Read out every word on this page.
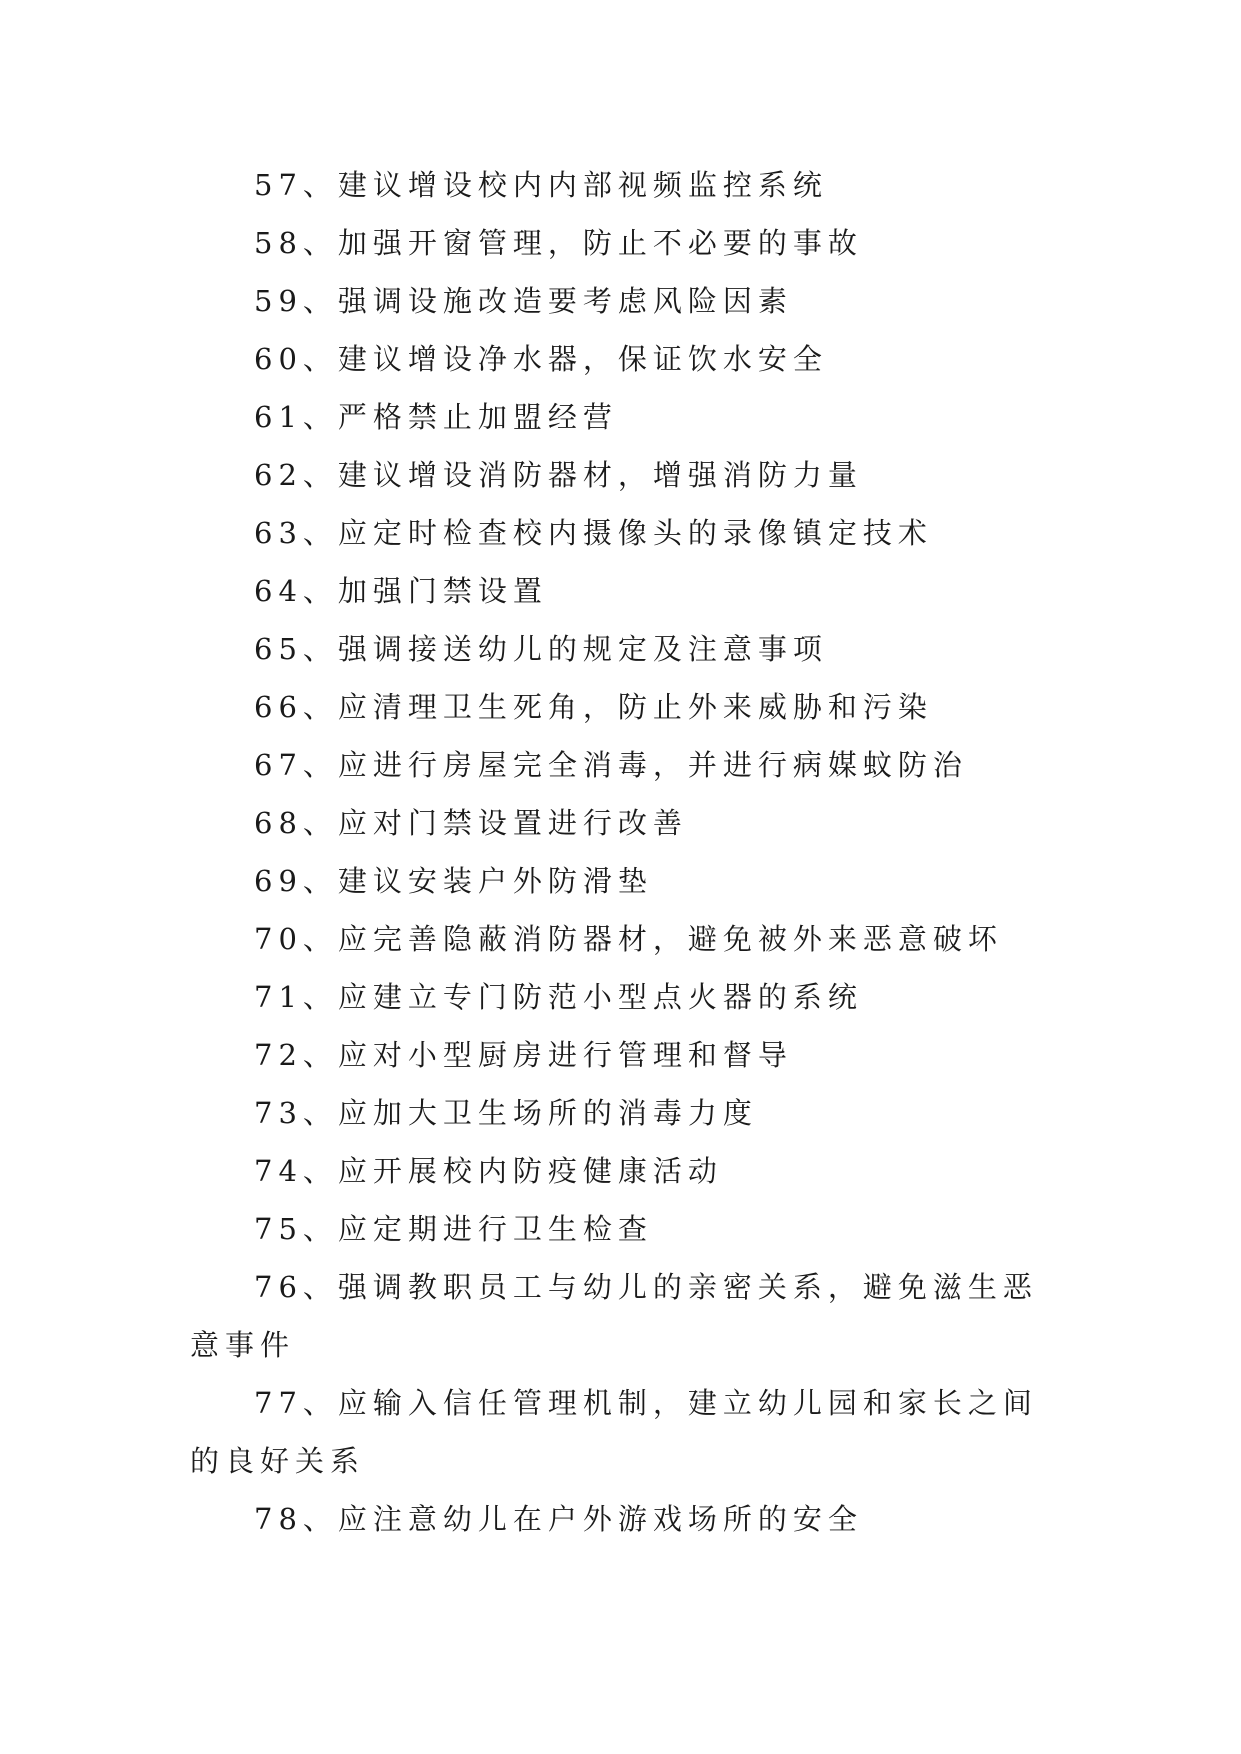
57、建议增设校内内部视频监控系统

58、加强开窗管理，防止不必要的事故

59、强调设施改造要考虑风险因素

60、建议增设净水器，保证饮水安全

61、严格禁止加盟经营

62、建议增设消防器材，增强消防力量

63、应定时检查校内摄像头的录像镇定技术

64、加强门禁设置

65、强调接送幼儿的规定及注意事项

66、应清理卫生死角，防止外来威胁和污染

67、应进行房屋完全消毒，并进行病媒蚊防治

68、应对门禁设置进行改善

69、建议安装户外防滑垫

70、应完善隐蔽消防器材，避免被外来恶意破坏

71、应建立专门防范小型点火器的系统

72、应对小型厨房进行管理和督导

73、应加大卫生场所的消毒力度

74、应开展校内防疫健康活动

75、应定期进行卫生检查

76、强调教职员工与幼儿的亲密关系，避免滋生恶意事件

77、应输入信任管理机制，建立幼儿园和家长之间的良好关系

78、应注意幼儿在户外游戏场所的安全
